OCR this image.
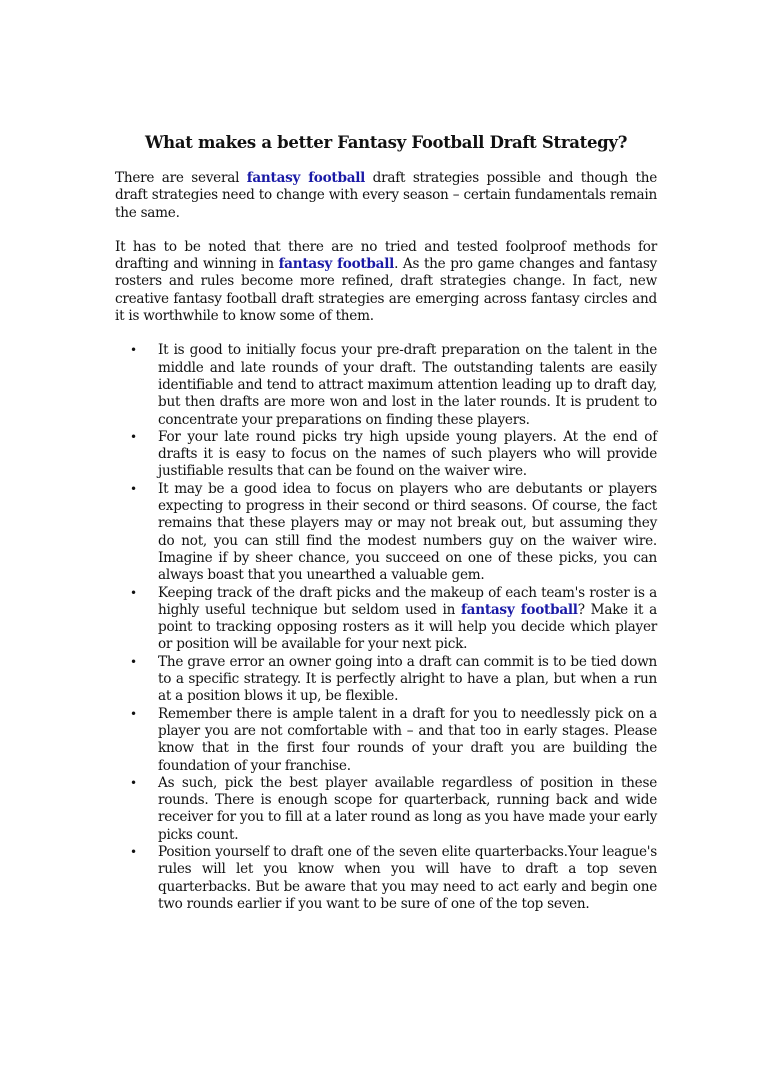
What makes a better Fantasy Football Draft Strategy?

There are several fantasy football draft strategies possible and though the draft strategies need to change with every season – certain fundamentals remain the same.

It has to be noted that there are no tried and tested foolproof methods for drafting and winning in fantasy football. As the pro game changes and fantasy rosters and rules become more refined, draft strategies change. In fact, new creative fantasy football draft strategies are emerging across fantasy circles and it is worthwhile to know some of them.

• It is good to initially focus your pre-draft preparation on the talent in the middle and late rounds of your draft. The outstanding talents are easily identifiable and tend to attract maximum attention leading up to draft day, but then drafts are more won and lost in the later rounds. It is prudent to concentrate your preparations on finding these players.
• For your late round picks try high upside young players. At the end of drafts it is easy to focus on the names of such players who will provide justifiable results that can be found on the waiver wire.
• It may be a good idea to focus on players who are debutants or players expecting to progress in their second or third seasons. Of course, the fact remains that these players may or may not break out, but assuming they do not, you can still find the modest numbers guy on the waiver wire. Imagine if by sheer chance, you succeed on one of these picks, you can always boast that you unearthed a valuable gem.
• Keeping track of the draft picks and the makeup of each team's roster is a highly useful technique but seldom used in fantasy football? Make it a point to tracking opposing rosters as it will help you decide which player or position will be available for your next pick.
• The grave error an owner going into a draft can commit is to be tied down to a specific strategy. It is perfectly alright to have a plan, but when a run at a position blows it up, be flexible.
• Remember there is ample talent in a draft for you to needlessly pick on a player you are not comfortable with – and that too in early stages. Please know that in the first four rounds of your draft you are building the foundation of your franchise.
• As such, pick the best player available regardless of position in these rounds. There is enough scope for quarterback, running back and wide receiver for you to fill at a later round as long as you have made your early picks count.
• Position yourself to draft one of the seven elite quarterbacks.Your league's rules will let you know when you will have to draft a top seven quarterbacks. But be aware that you may need to act early and begin one two rounds earlier if you want to be sure of one of the top seven.
